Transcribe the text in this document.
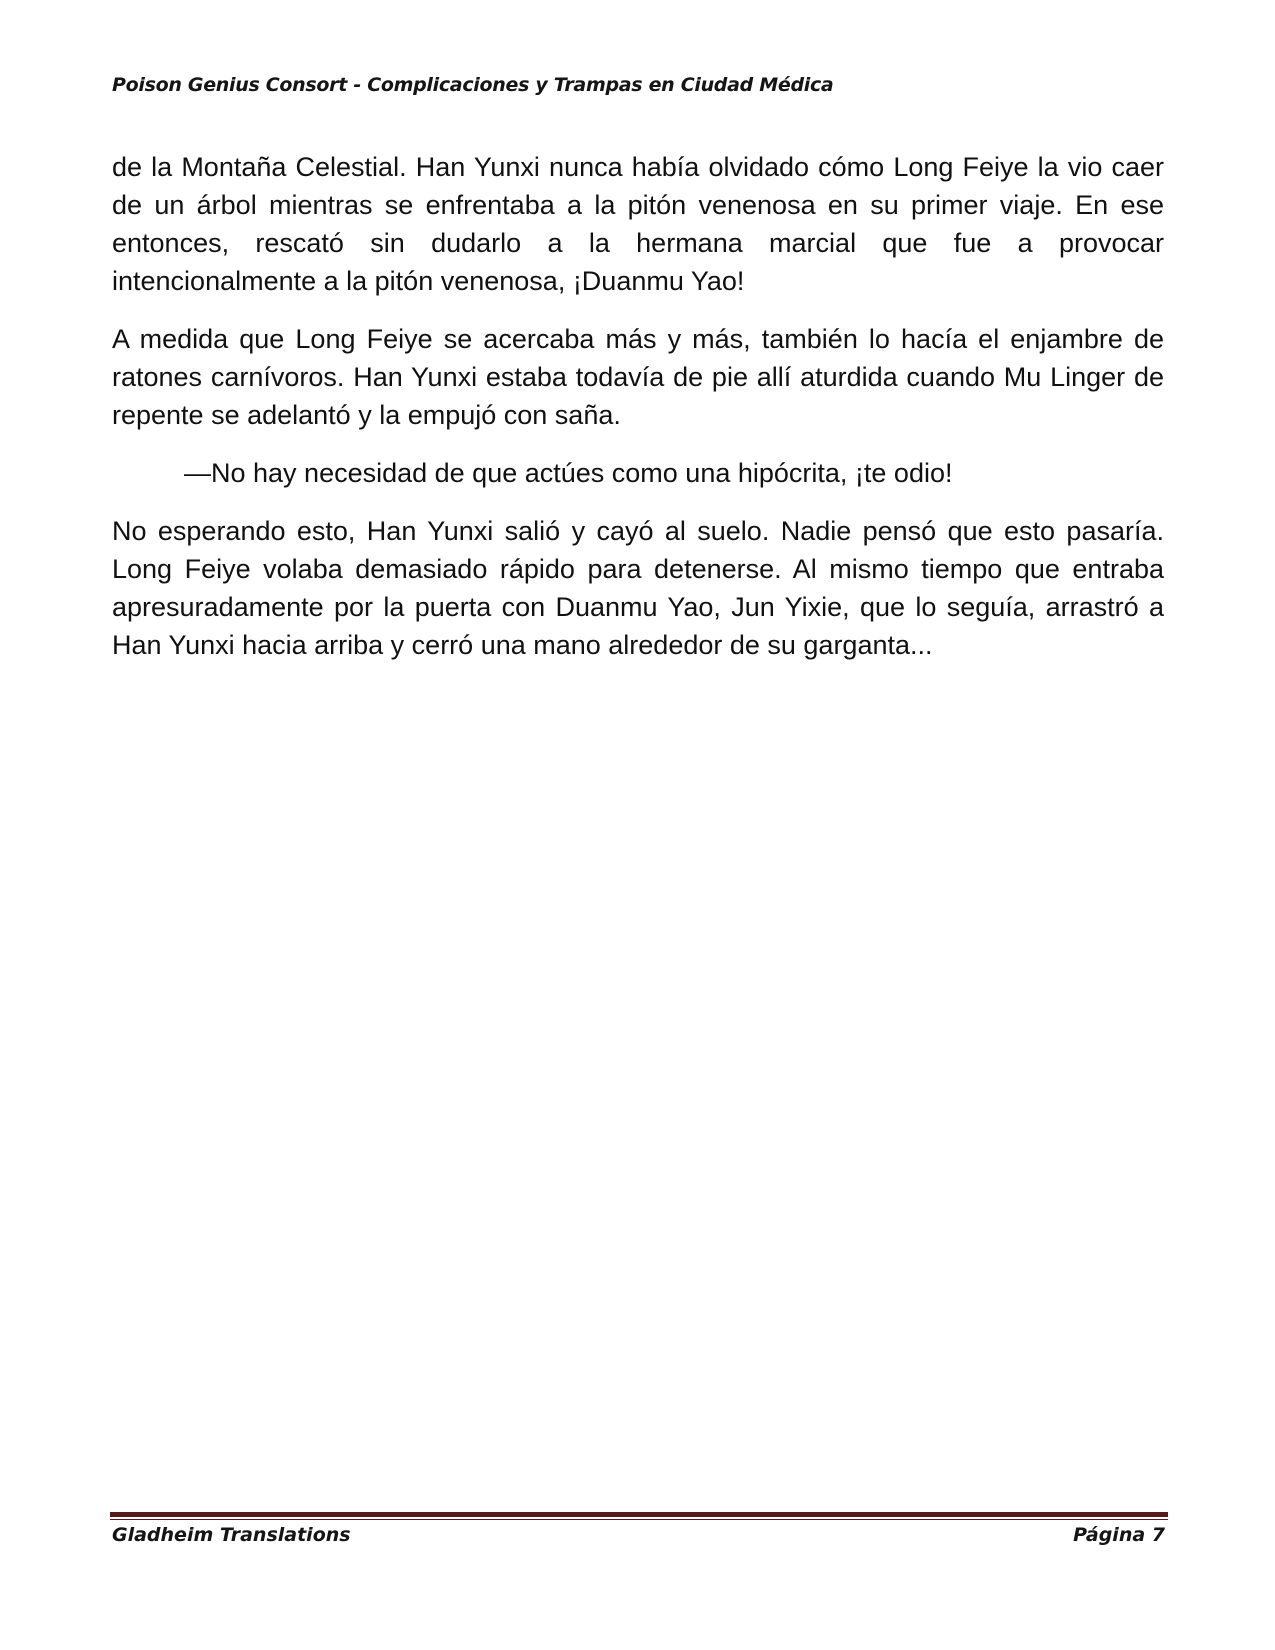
Poison Genius Consort - Complicaciones y Trampas en Ciudad Médica

de la Montaña Celestial. Han Yunxi nunca había olvidado cómo Long Feiye la vio caer de un árbol mientras se enfrentaba a la pitón venenosa en su primer viaje. En ese entonces, rescató sin dudarlo a la hermana marcial que fue a provocar intencionalmente a la pitón venenosa, ¡Duanmu Yao!

A medida que Long Feiye se acercaba más y más, también lo hacía el enjambre de ratones carnívoros. Han Yunxi estaba todavía de pie allí aturdida cuando Mu Linger de repente se adelantó y la empujó con saña.

—No hay necesidad de que actúes como una hipócrita, ¡te odio!

No esperando esto, Han Yunxi salió y cayó al suelo. Nadie pensó que esto pasaría. Long Feiye volaba demasiado rápido para detenerse. Al mismo tiempo que entraba apresuradamente por la puerta con Duanmu Yao, Jun Yixie, que lo seguía, arrastró a Han Yunxi hacia arriba y cerró una mano alrededor de su garganta...

Gladheim Translations	Página 7
